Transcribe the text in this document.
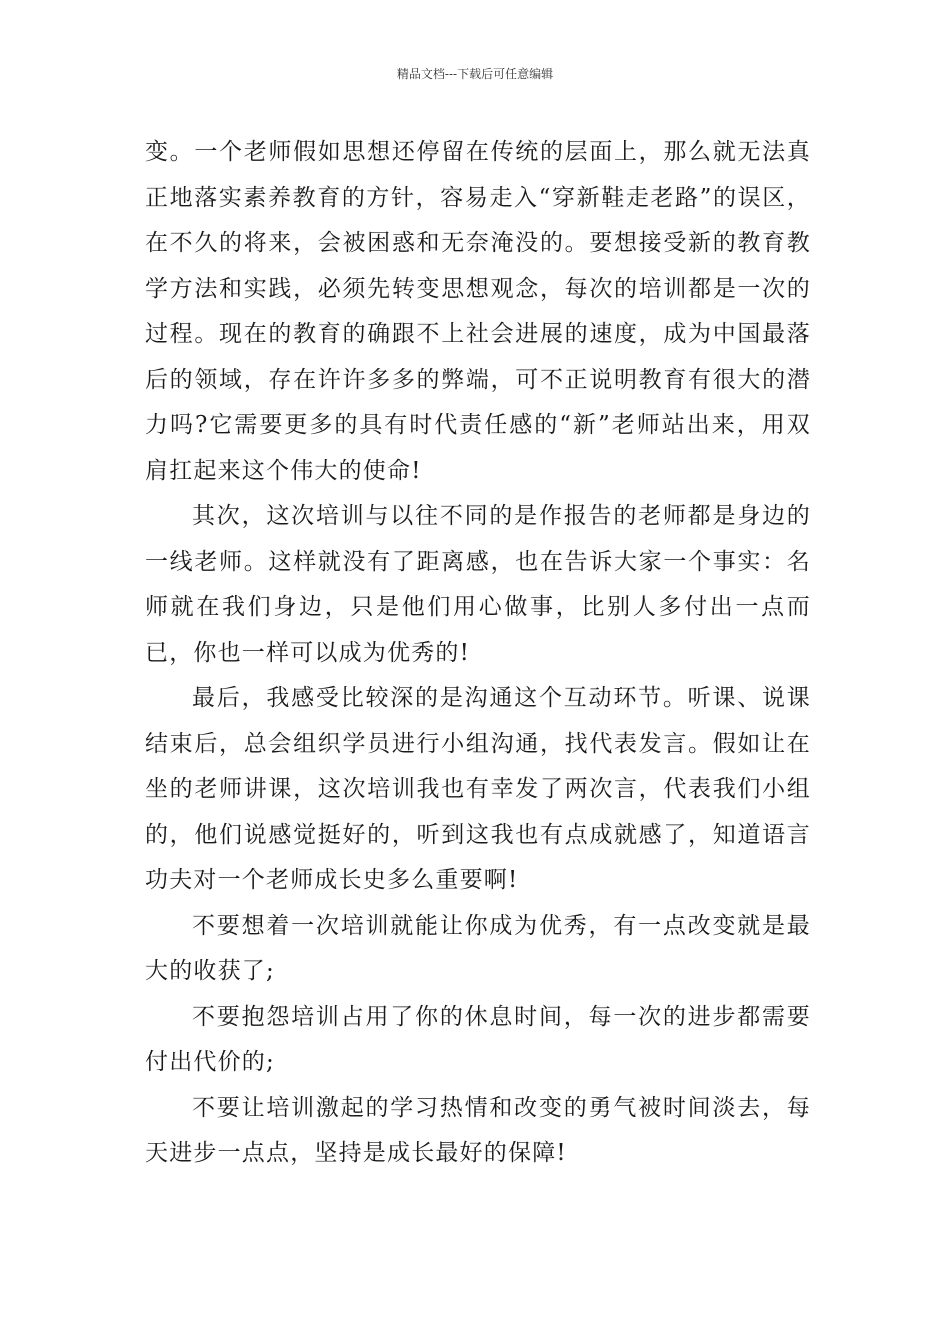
精品文档---下载后可任意编辑

变。一个老师假如思想还停留在传统的层面上，那么就无法真正地落实素养教育的方针，容易走入“穿新鞋走老路”的误区，在不久的将来，会被困惑和无奈淹没的。要想接受新的教育教学方法和实践，必须先转变思想观念，每次的培训都是一次的过程。现在的教育的确跟不上社会进展的速度，成为中国最落后的领域，存在许许多多的弊端，可不正说明教育有很大的潜力吗?它需要更多的具有时代责任感的“新”老师站出来，用双肩扛起来这个伟大的使命!

其次，这次培训与以往不同的是作报告的老师都是身边的一线老师。这样就没有了距离感，也在告诉大家一个事实：名师就在我们身边，只是他们用心做事，比别人多付出一点而已，你也一样可以成为优秀的!

最后，我感受比较深的是沟通这个互动环节。听课、说课结束后，总会组织学员进行小组沟通，找代表发言。假如让在坐的老师讲课，这次培训我也有幸发了两次言，代表我们小组的，他们说感觉挺好的，听到这我也有点成就感了，知道语言功夫对一个老师成长史多么重要啊!

不要想着一次培训就能让你成为优秀，有一点改变就是最大的收获了;

不要抱怨培训占用了你的休息时间，每一次的进步都需要付出代价的;

不要让培训激起的学习热情和改变的勇气被时间淡去，每天进步一点点，坚持是成长最好的保障!
